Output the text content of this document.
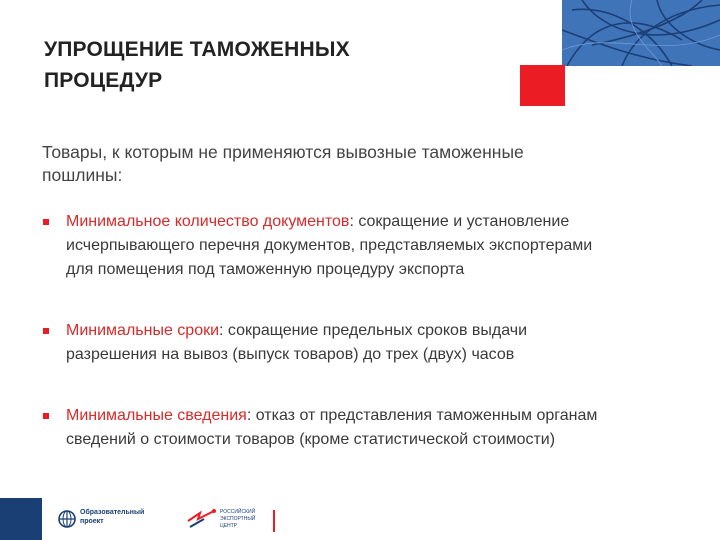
УПРОЩЕНИЕ ТАМОЖЕННЫХ
ПРОЦЕДУР
Товары, к которым не применяются вывозные таможенные
пошлины:
Минимальное количество документов: сокращение и установление
исчерпывающего перечня документов, представляемых экспортерами
для помещения под таможенную процедуру экспорта
Минимальные сроки: сокращение предельных сроков выдачи
разрешения на вывоз (выпуск товаров) до трех (двух) часов
Минимальные сведения: отказ от представления таможенным органам
сведений о стоимости товаров (кроме статистической стоимости)
Образовательный
проект
РОССИЙСКИЙ
ЭКСПОРТНЫЙ
ЦЕНТР
